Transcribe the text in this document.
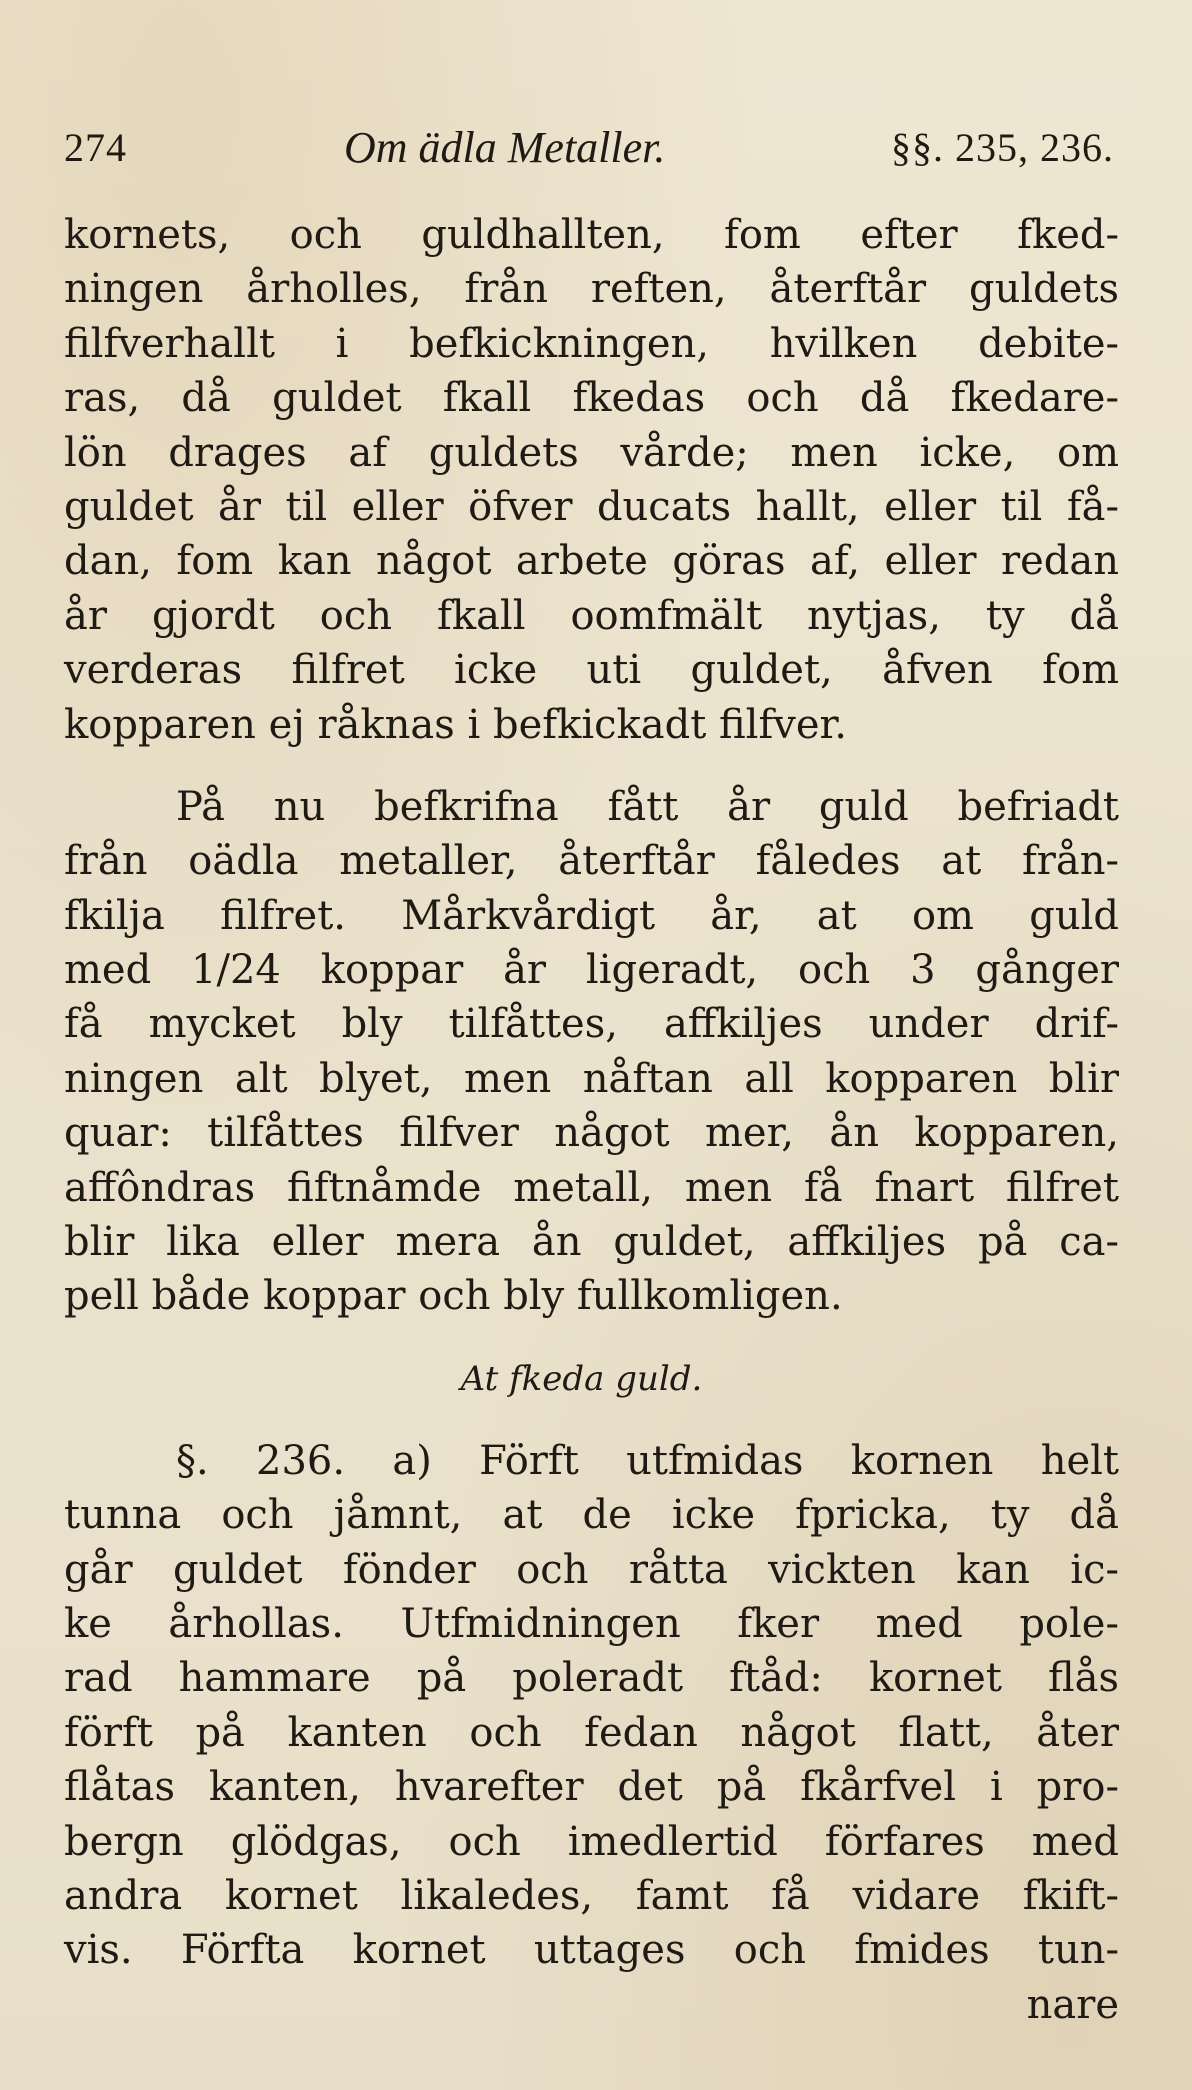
274	Om ädla Metaller.	§§. 235, 236.
kornets, och guldhallten, fom efter fked-
ningen årholles, från reften, återftår guldets
filfverhallt i befkickningen, hvilken debite-
ras, då guldet fkall fkedas och då fkedare-
lön drages af guldets vårde; men icke, om
guldet år til eller öfver ducats hallt, eller til få-
dan, fom kan något arbete göras af, eller redan
år gjordt och fkall oomfmält nytjas, ty då
verderas filfret icke uti guldet, åfven fom
kopparen ej råknas i befkickadt filfver.
På nu befkrifna fått år guld befriadt
från oädla metaller, återftår fåledes at från-
fkilja filfret. Mårkvårdigt år, at om guld
med 1/24 koppar år ligeradt, och 3 gånger
få mycket bly tilfåttes, affkiljes under drif-
ningen alt blyet, men nåftan all kopparen blir
quar: tilfåttes filfver något mer, ån kopparen,
affôndras fiftnåmde metall, men få fnart filfret
blir lika eller mera ån guldet, affkiljes på ca-
pell både koppar och bly fullkomligen.
At fkeda guld.
§. 236. a) Förft utfmidas kornen helt
tunna och jåmnt, at de icke fpricka, ty då
går guldet fönder och råtta vickten kan ic-
ke århollas. Utfmidningen fker med pole-
rad hammare på poleradt ftåd: kornet flås
förft på kanten och fedan något flatt, åter
flåtas kanten, hvarefter det på fkårfvel i pro-
bergn glödgas, och imedlertid förfares med
andra kornet likaledes, famt få vidare fkift-
vis. Förfta kornet uttages och fmides tun-
nare
